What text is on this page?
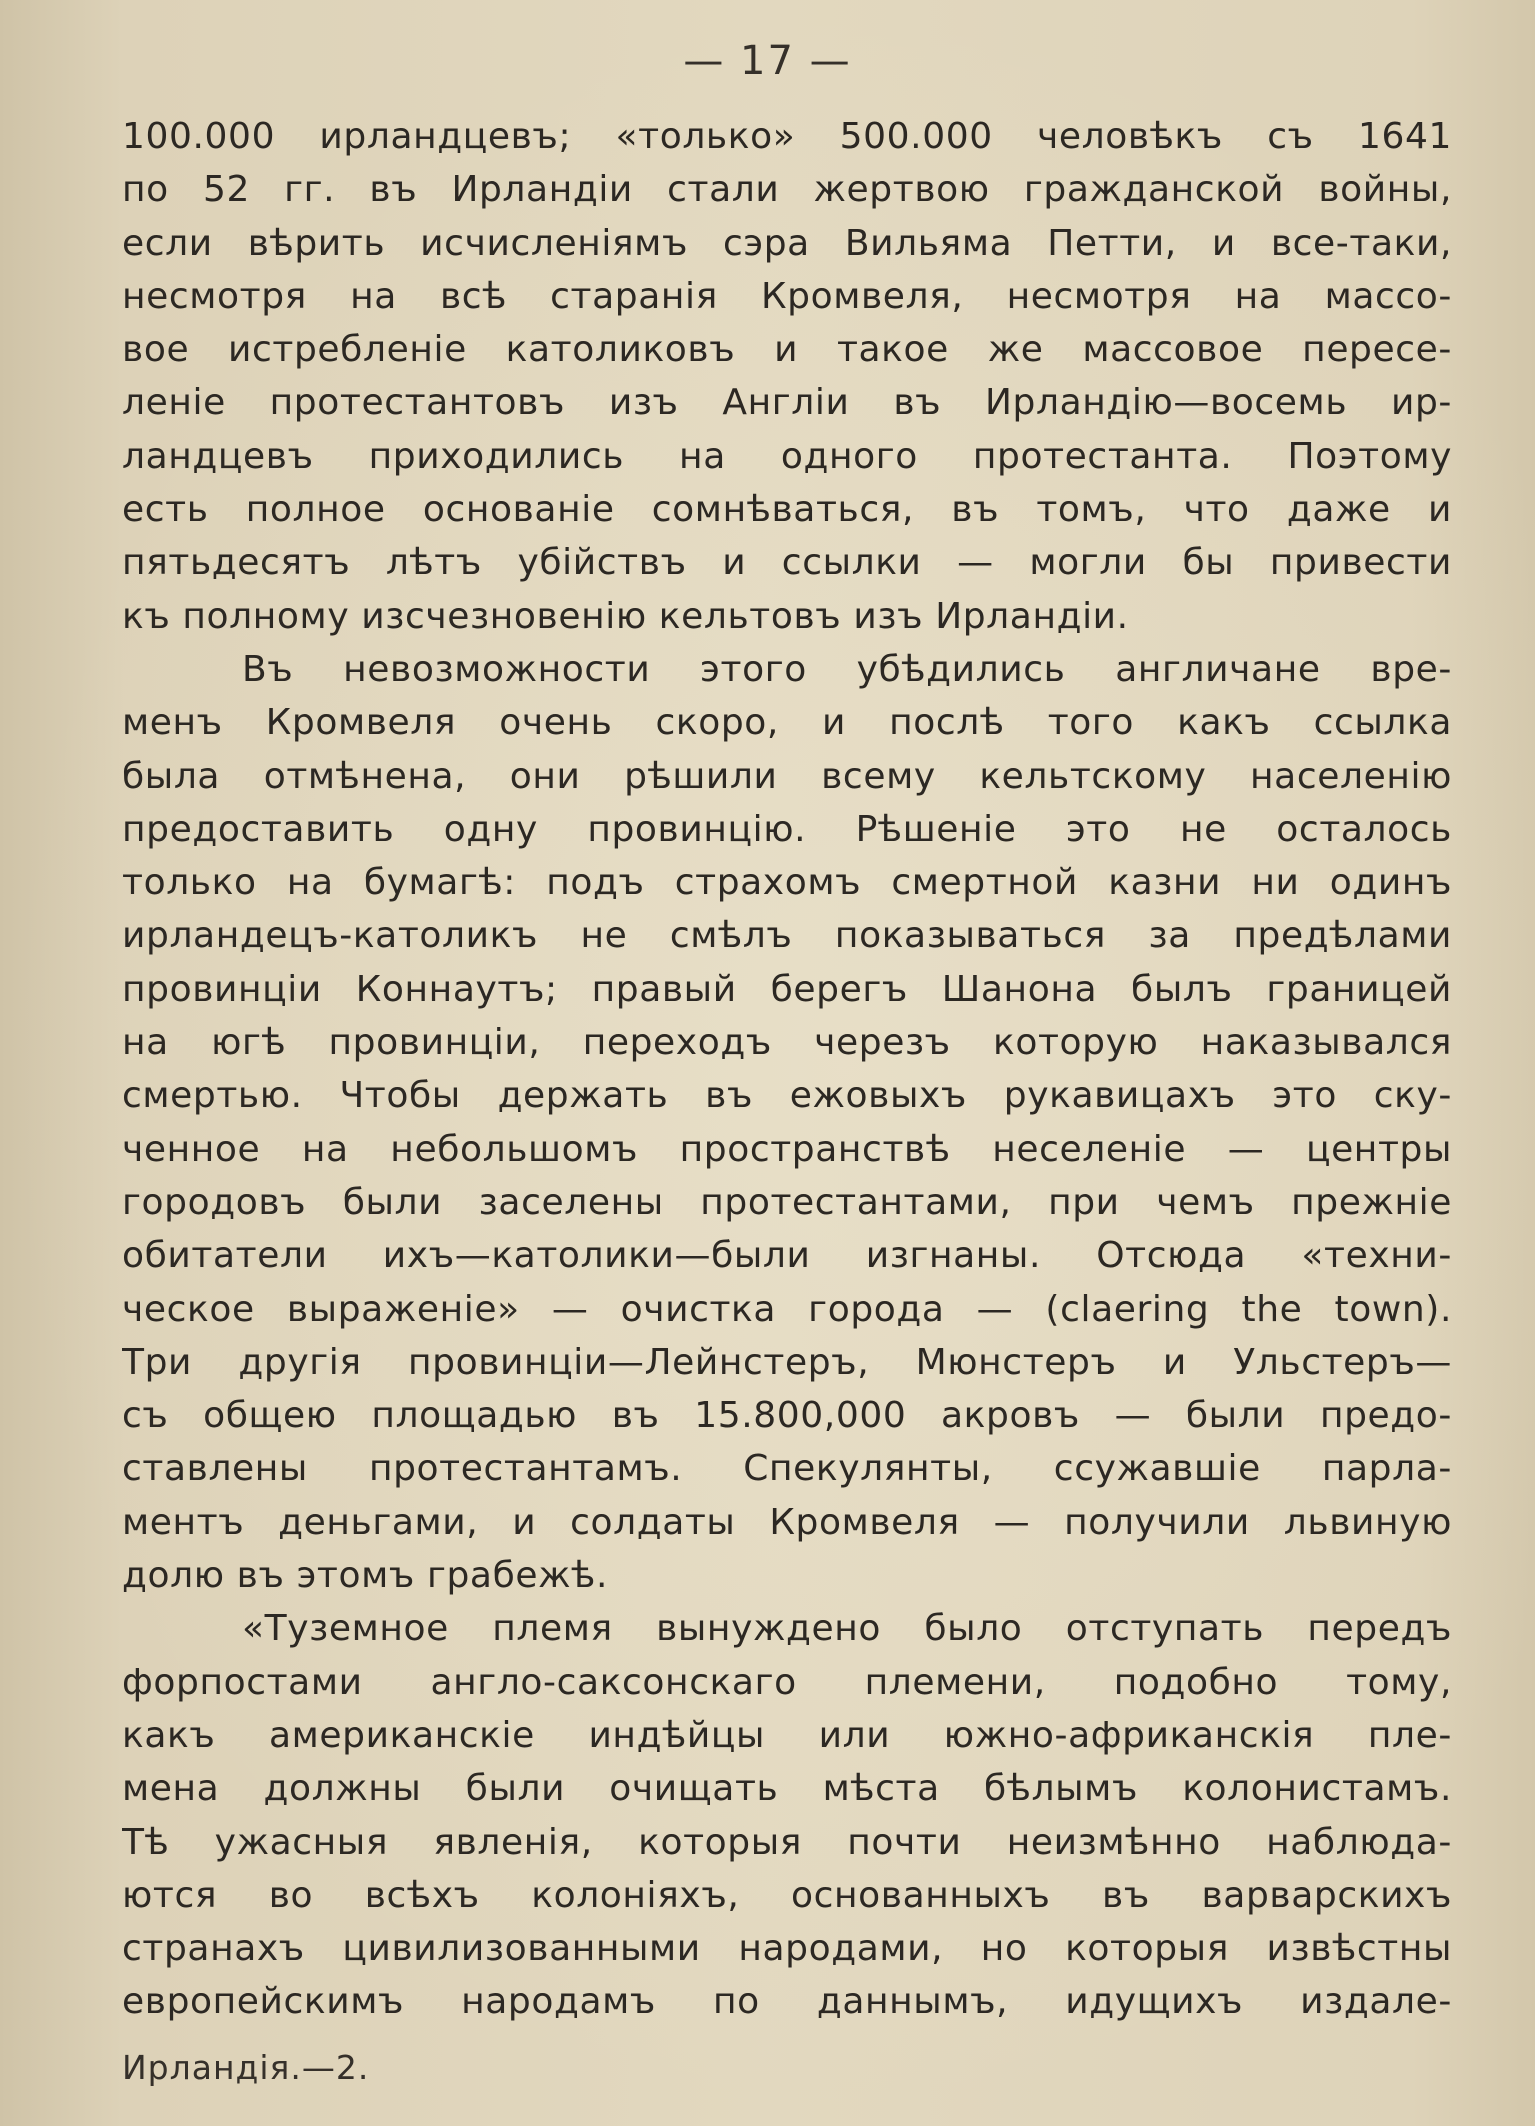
— 17 —
100.000 ирландцевъ; «только» 500.000 человѣкъ съ 1641
по 52 гг. въ Ирландіи стали жертвою гражданской войны,
если вѣрить исчисленіямъ сэра Вильяма Петти, и все-таки,
несмотря на всѣ старанія Кромвеля, несмотря на массо-
вое истребленіе католиковъ и такое же массовое пересе-
леніе протестантовъ изъ Англіи въ Ирландію—восемь ир-
ландцевъ приходились на одного протестанта. Поэтому
есть полное основаніе сомнѣваться, въ томъ, что даже и
пятьдесятъ лѣтъ убійствъ и ссылки — могли бы привести
къ полному изсчезновенію кельтовъ изъ Ирландіи.
Въ невозможности этого убѣдились англичане вре-
менъ Кромвеля очень скоро, и послѣ того какъ ссылка
была отмѣнена, они рѣшили всему кельтскому населенію
предоставить одну провинцію. Рѣшеніе это не осталось
только на бумагѣ: подъ страхомъ смертной казни ни одинъ
ирландецъ-католикъ не смѣлъ показываться за предѣлами
провинціи Коннаутъ; правый берегъ Шанона былъ границей
на югѣ провинціи, переходъ черезъ которую наказывался
смертью. Чтобы держать въ ежовыхъ рукавицахъ это ску-
ченное на небольшомъ пространствѣ неселеніе — центры
городовъ были заселены протестантами, при чемъ прежніе
обитатели ихъ—католики—были изгнаны. Отсюда «техни-
ческое выраженіе» — очистка города — (claering the town).
Три другія провинціи—Лейнстеръ, Мюнстеръ и Ульстеръ—
съ общею площадью въ 15.800,000 акровъ — были предо-
ставлены протестантамъ. Спекулянты, ссужавшіе парла-
ментъ деньгами, и солдаты Кромвеля — получили львиную
долю въ этомъ грабежѣ.
«Туземное племя вынуждено было отступать передъ
форпостами англо-саксонскаго племени, подобно тому,
какъ американскіе индѣйцы или южно-африканскія пле-
мена должны были очищать мѣста бѣлымъ колонистамъ.
Тѣ ужасныя явленія, которыя почти неизмѣнно наблюда-
ются во всѣхъ колоніяхъ, основанныхъ въ варварскихъ
странахъ цивилизованными народами, но которыя извѣстны
европейскимъ народамъ по даннымъ, идущихъ издале-
Ирландія.—2.
